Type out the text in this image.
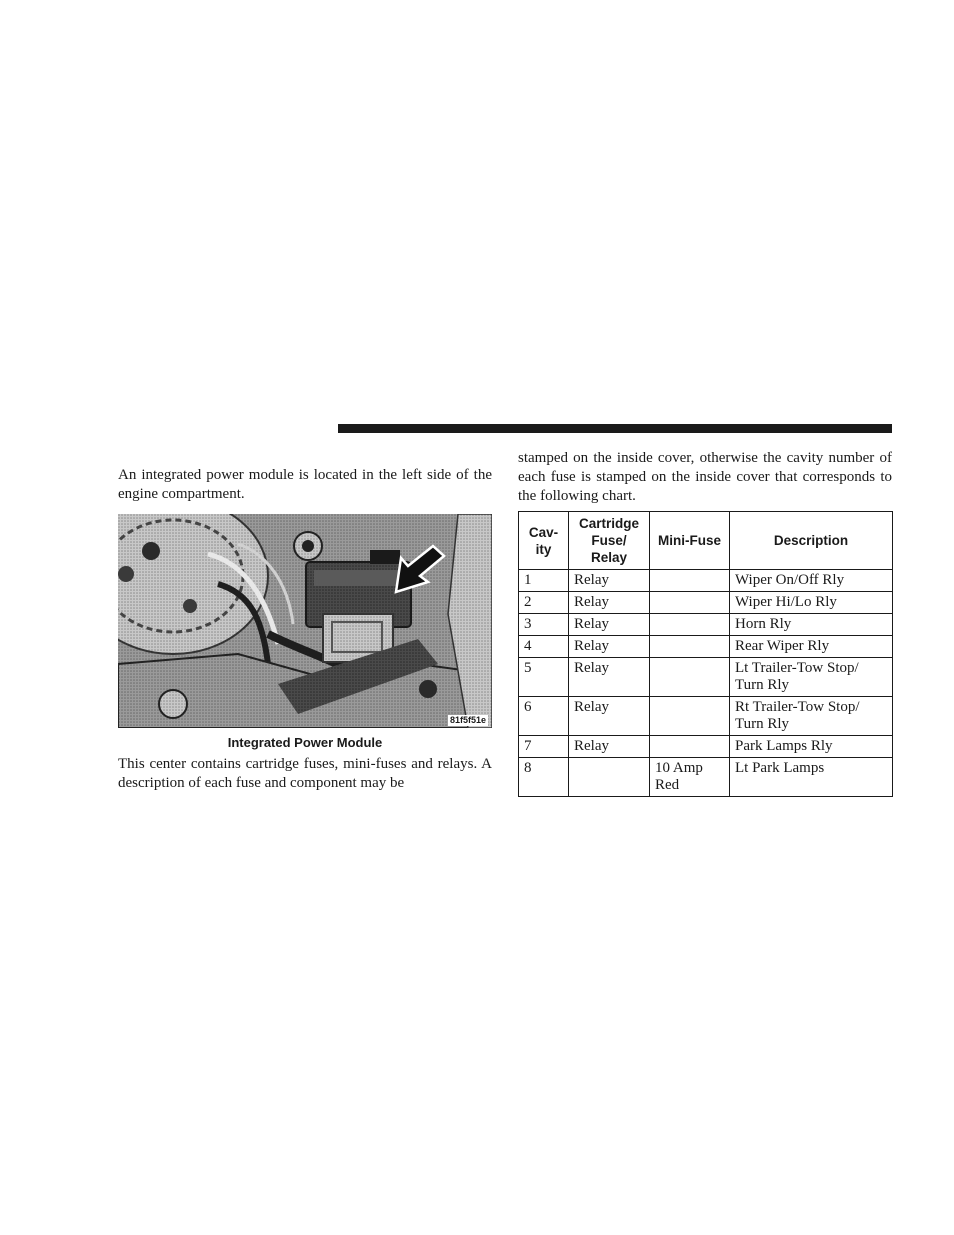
An integrated power module is located in the left side of the engine compartment.

81f5f51e
Integrated Power Module

This center contains cartridge fuses, mini-fuses and relays. A description of each fuse and component may be

stamped on the inside cover, otherwise the cavity number of each fuse is stamped on the inside cover that corresponds to the following chart.

Cav- ity	Cartridge Fuse/ Relay	Mini-Fuse	Description
1	Relay		Wiper On/Off Rly
2	Relay		Wiper Hi/Lo Rly
3	Relay		Horn Rly
4	Relay		Rear Wiper Rly
5	Relay		Lt Trailer-Tow Stop/ Turn Rly
6	Relay		Rt Trailer-Tow Stop/ Turn Rly
7	Relay		Park Lamps Rly
8		10 Amp Red	Lt Park Lamps
